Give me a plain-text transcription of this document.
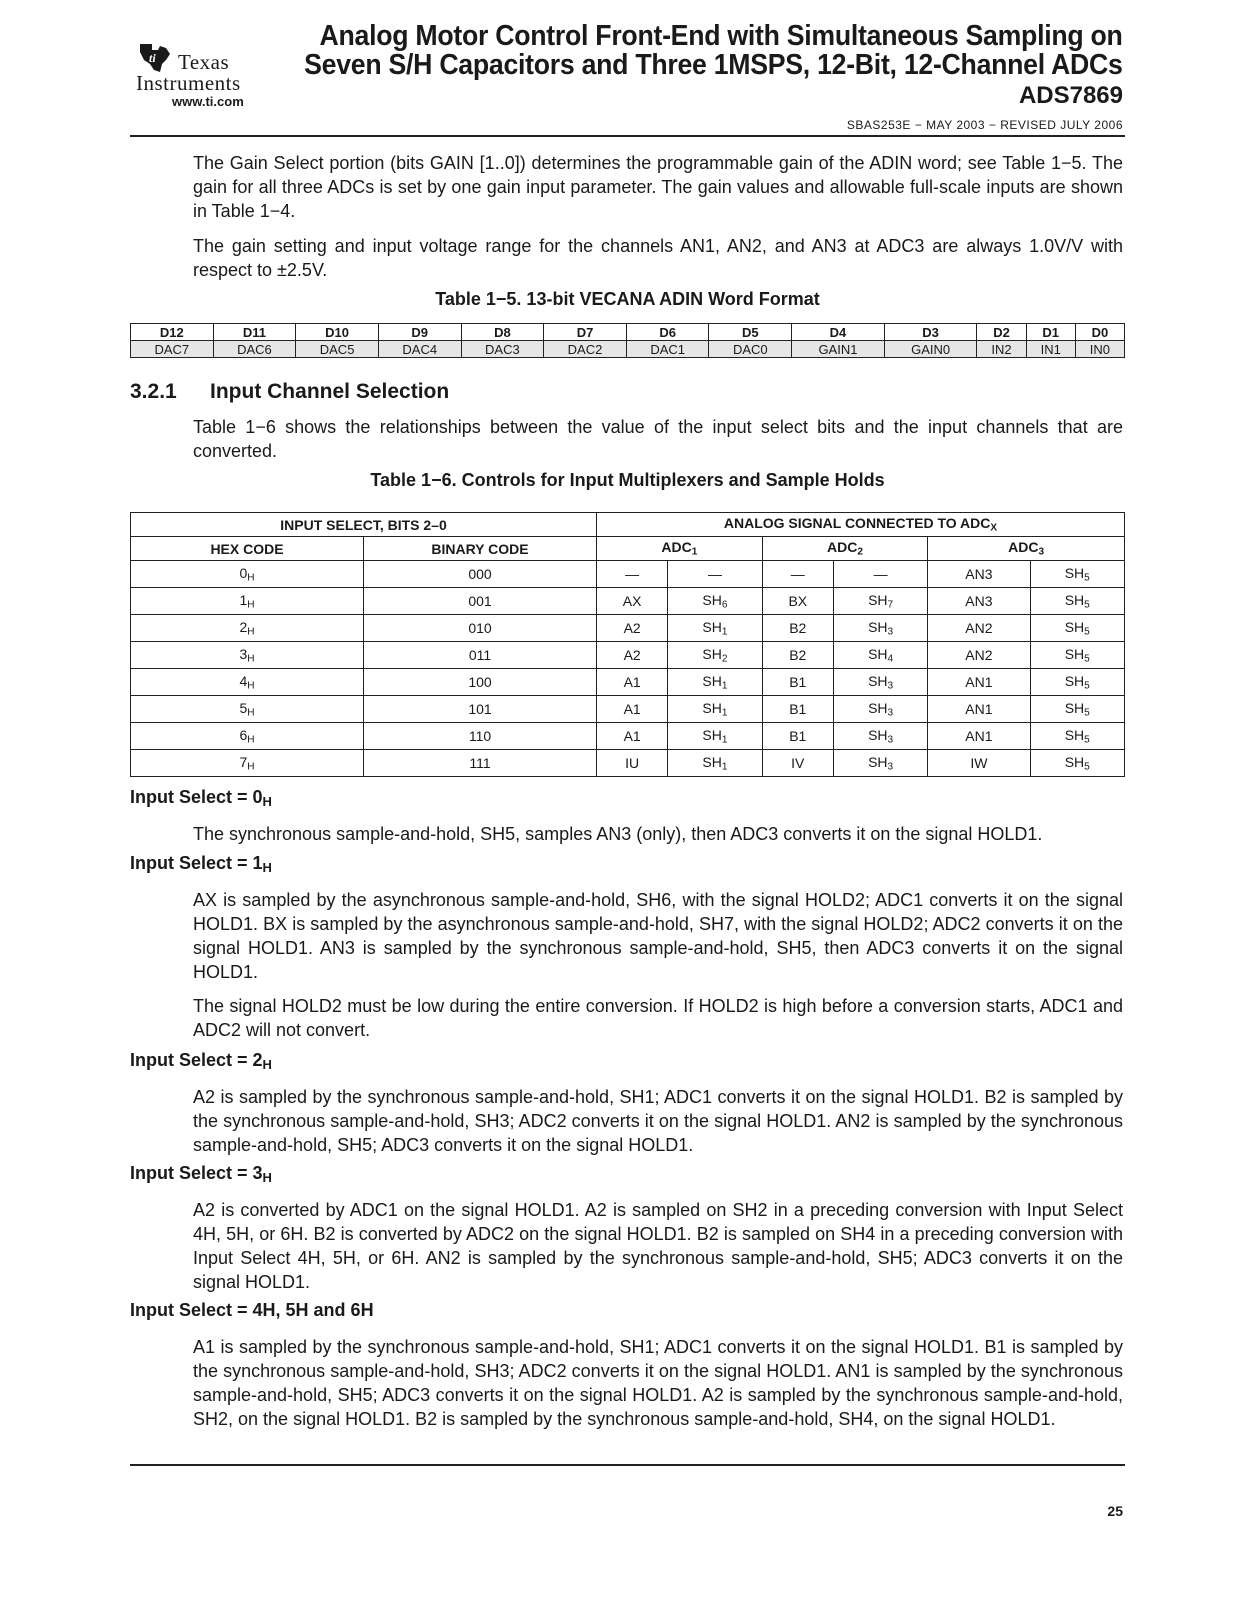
ti Texas
Instruments
www.ti.com
Analog Motor Control Front-End with Simultaneous Sampling on
Seven S/H Capacitors and Three 1MSPS, 12-Bit, 12-Channel ADCs
ADS7869
SBAS253E − MAY 2003 − REVISED JULY 2006
The Gain Select portion (bits GAIN [1..0]) determines the programmable gain of the ADIN word; see Table 1−5. The gain for all three ADCs is set by one gain input parameter. The gain values and allowable full-scale inputs are shown in Table 1−4.
The gain setting and input voltage range for the channels AN1, AN2, and AN3 at ADC3 are always 1.0V/V with respect to ±2.5V.
Table 1−5. 13-bit VECANA ADIN Word Format
D12	D11	D10	D9	D8	D7	D6	D5	D4	D3	D2	D1	D0
DAC7	DAC6	DAC5	DAC4	DAC3	DAC2	DAC1	DAC0	GAIN1	GAIN0	IN2	IN1	IN0
3.2.1 Input Channel Selection
Table 1−6 shows the relationships between the value of the input select bits and the input channels that are converted.
Table 1−6. Controls for Input Multiplexers and Sample Holds
INPUT SELECT, BITS 2–0		ANALOG SIGNAL CONNECTED TO $ADC_X$
HEX CODE	BINARY CODE	$ADC_1$		$ADC_2$		$ADC_3$
$0_H$	000	—	—	—	—	AN3	$SH_5$
$1_H$	001	AX	$SH_6$	BX	$SH_7$	AN3	$SH_5$
$2_H$	010	A2	$SH_1$	B2	$SH_3$	AN2	$SH_5$
$3_H$	011	A2	$SH_2$	B2	$SH_4$	AN2	$SH_5$
$4_H$	100	A1	$SH_1$	B1	$SH_3$	AN1	$SH_5$
$5_H$	101	A1	$SH_1$	B1	$SH_3$	AN1	$SH_5$
$6_H$	110	A1	$SH_1$	B1	$SH_3$	AN1	$SH_5$
$7_H$	111	IU	$SH_1$	IV	$SH_3$	IW	$SH_5$
Input Select = $0_H$
The synchronous sample-and-hold, SH5, samples AN3 (only), then ADC3 converts it on the signal HOLD1.
Input Select = $1_H$
AX is sampled by the asynchronous sample-and-hold, SH6, with the signal HOLD2; ADC1 converts it on the signal HOLD1. BX is sampled by the asynchronous sample-and-hold, SH7, with the signal HOLD2; ADC2 converts it on the signal HOLD1. AN3 is sampled by the synchronous sample-and-hold, SH5, then ADC3 converts it on the signal HOLD1.
The signal HOLD2 must be low during the entire conversion. If HOLD2 is high before a conversion starts, ADC1 and ADC2 will not convert.
Input Select = $2_H$
A2 is sampled by the synchronous sample-and-hold, SH1; ADC1 converts it on the signal HOLD1. B2 is sampled by the synchronous sample-and-hold, SH3; ADC2 converts it on the signal HOLD1. AN2 is sampled by the synchronous sample-and-hold, SH5; ADC3 converts it on the signal HOLD1.
Input Select = $3_H$
A2 is converted by ADC1 on the signal HOLD1. A2 is sampled on SH2 in a preceding conversion with Input Select 4H, 5H, or 6H. B2 is converted by ADC2 on the signal HOLD1. B2 is sampled on SH4 in a preceding conversion with Input Select 4H, 5H, or 6H. AN2 is sampled by the synchronous sample-and-hold, SH5; ADC3 converts it on the signal HOLD1.
Input Select = 4H, 5H and 6H
A1 is sampled by the synchronous sample-and-hold, SH1; ADC1 converts it on the signal HOLD1. B1 is sampled by the synchronous sample-and-hold, SH3; ADC2 converts it on the signal HOLD1. AN1 is sampled by the synchronous sample-and-hold, SH5; ADC3 converts it on the signal HOLD1. A2 is sampled by the synchronous sample-and-hold, SH2, on the signal HOLD1. B2 is sampled by the synchronous sample-and-hold, SH4, on the signal HOLD1.
25
